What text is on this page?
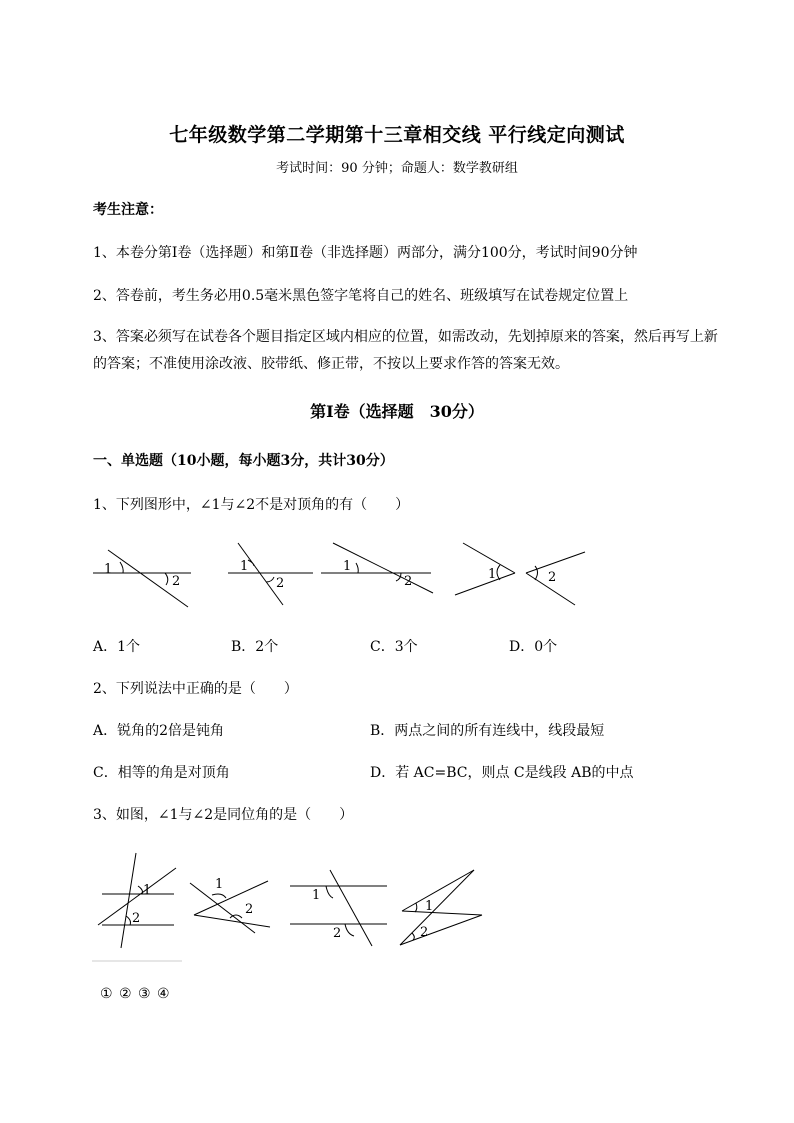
七年级数学第二学期第十三章相交线 平行线定向测试
考试时间：90 分钟；命题人：数学教研组
考生注意：
1、本卷分第Ⅰ卷（选择题）和第Ⅱ卷（非选择题）两部分，满分100分，考试时间90分钟
2、答卷前，考生务必用0.5毫米黑色签字笔将自己的姓名、班级填写在试卷规定位置上
3、答案必须写在试卷各个题目指定区域内相应的位置，如需改动，先划掉原来的答案，然后再写上新
的答案；不准使用涂改液、胶带纸、修正带，不按以上要求作答的答案无效。
第Ⅰ卷（选择题　30分）
一、单选题（10小题，每小题3分，共计30分）
1、下列图形中，∠1与∠2不是对顶角的有（　　）
1
2
1
2
1
2	1	2
A．1个	B．2个	C．3个	D．0个
2、下列说法中正确的是（　　）
A．锐角的2倍是钝角	B．两点之间的所有连线中，线段最短
C．相等的角是对顶角	D．若 AC=BC，则点 C是线段 AB的中点
3、如图，∠1与∠2是同位角的是（　　）
1
2
1
2
1
2
1
2
① ② ③ ④
